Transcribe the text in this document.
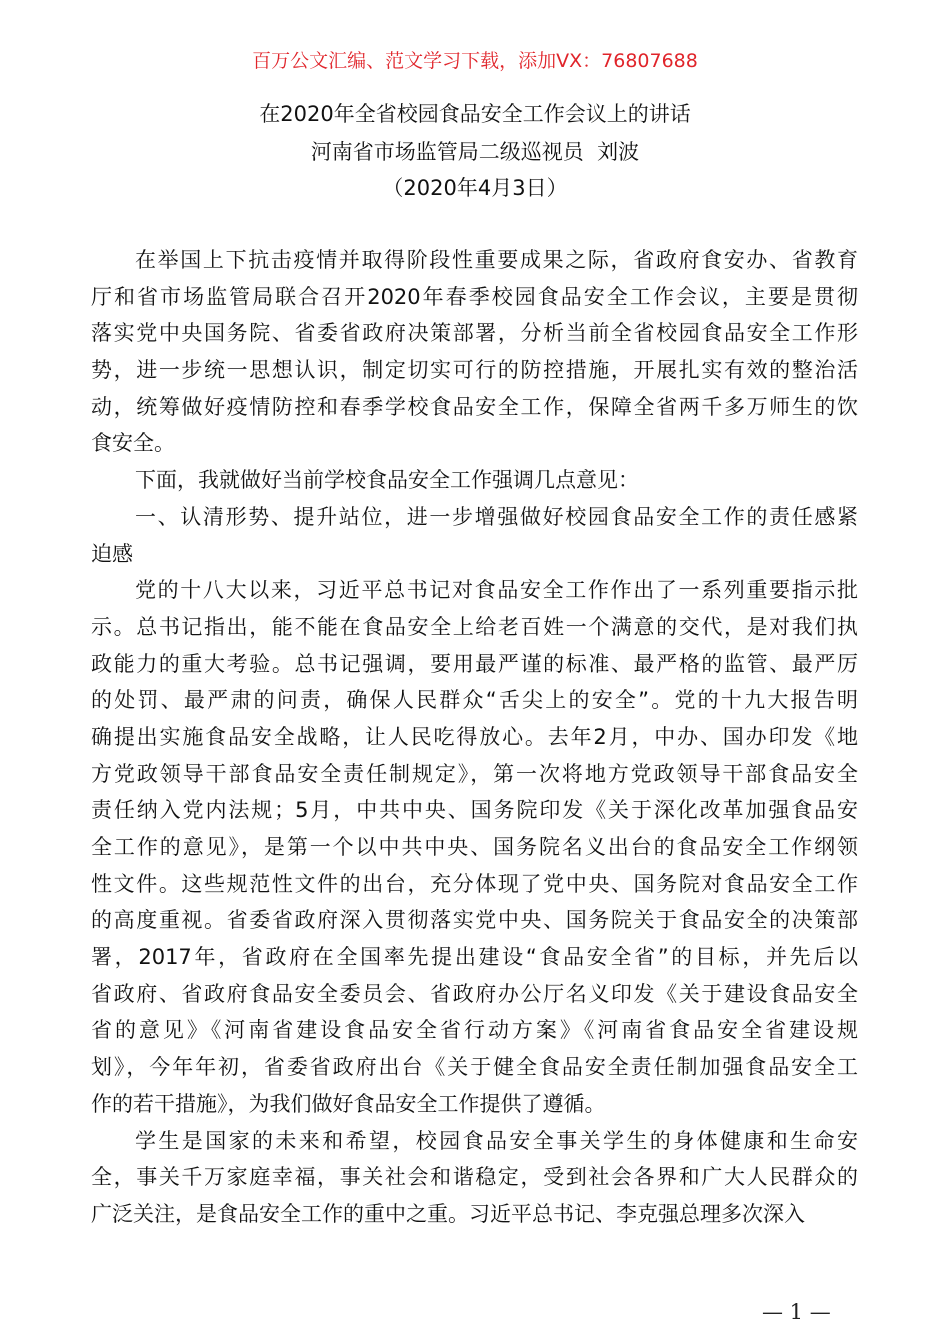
百万公文汇编、范文学习下载，添加VX：76807688
在2020年全省校园食品安全工作会议上的讲话
河南省市场监管局二级巡视员  刘波
（2020年4月3日）
在举国上下抗击疫情并取得阶段性重要成果之际，省政府食安办、省教育
厅和省市场监管局联合召开2020年春季校园食品安全工作会议，主要是贯彻
落实党中央国务院、省委省政府决策部署，分析当前全省校园食品安全工作形
势，进一步统一思想认识，制定切实可行的防控措施，开展扎实有效的整治活
动，统筹做好疫情防控和春季学校食品安全工作，保障全省两千多万师生的饮
食安全。
下面，我就做好当前学校食品安全工作强调几点意见：
一、认清形势、提升站位，进一步增强做好校园食品安全工作的责任感紧
迫感
党的十八大以来，习近平总书记对食品安全工作作出了一系列重要指示批
示。总书记指出，能不能在食品安全上给老百姓一个满意的交代，是对我们执
政能力的重大考验。总书记强调，要用最严谨的标准、最严格的监管、最严厉
的处罚、最严肃的问责，确保人民群众“舌尖上的安全”。党的十九大报告明
确提出实施食品安全战略，让人民吃得放心。去年2月，中办、国办印发《地
方党政领导干部食品安全责任制规定》，第一次将地方党政领导干部食品安全
责任纳入党内法规；5月，中共中央、国务院印发《关于深化改革加强食品安
全工作的意见》，是第一个以中共中央、国务院名义出台的食品安全工作纲领
性文件。这些规范性文件的出台，充分体现了党中央、国务院对食品安全工作
的高度重视。省委省政府深入贯彻落实党中央、国务院关于食品安全的决策部
署，2017年，省政府在全国率先提出建设“食品安全省”的目标，并先后以
省政府、省政府食品安全委员会、省政府办公厅名义印发《关于建设食品安全
省的意见》《河南省建设食品安全省行动方案》《河南省食品安全省建设规
划》，今年年初，省委省政府出台《关于健全食品安全责任制加强食品安全工
作的若干措施》，为我们做好食品安全工作提供了遵循。
学生是国家的未来和希望，校园食品安全事关学生的身体健康和生命安
全，事关千万家庭幸福，事关社会和谐稳定，受到社会各界和广大人民群众的
广泛关注，是食品安全工作的重中之重。习近平总书记、李克强总理多次深入
— 1 —
